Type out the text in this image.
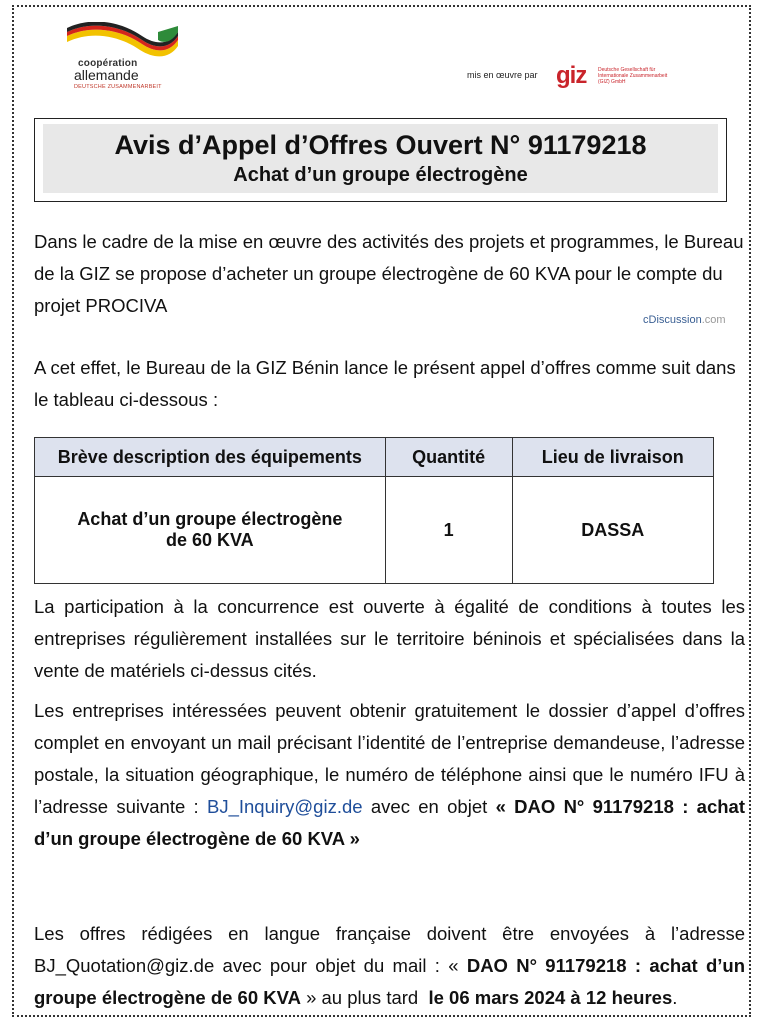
coopération
allemande
DEUTSCHE ZUSAMMENARBEIT
mis en œuvre par giz Deutsche Gesellschaft für Internationale Zusammenarbeit (GIZ) GmbH
Avis d’Appel d’Offres Ouvert N° 91179218
Achat d’un groupe électrogène
Dans le cadre de la mise en œuvre des activités des projets et programmes, le Bureau de la GIZ se propose d’acheter un groupe électrogène de 60 KVA pour le compte du projet PROCIVA
cDiscussion.com
A cet effet, le Bureau de la GIZ Bénin lance le présent appel d’offres comme suit dans le tableau ci-dessous :
Brève description des équipements	Quantité	Lieu de livraison
Achat d’un groupe électrogène
de 60 KVA	1	DASSA
La participation à la concurrence est ouverte à égalité de conditions à toutes les entreprises régulièrement installées sur le territoire béninois et spécialisées dans la vente de matériels ci-dessus cités.
Les entreprises intéressées peuvent obtenir gratuitement le dossier d’appel d’offres complet en envoyant un mail précisant l’identité de l’entreprise demandeuse, l’adresse postale, la situation géographique, le numéro de téléphone ainsi que le numéro IFU à l’adresse suivante : BJ_Inquiry@giz.de avec en objet « DAO N° 91179218 : achat d’un groupe électrogène de 60 KVA »
Les offres rédigées en langue française doivent être envoyées à l’adresse BJ_Quotation@giz.de avec pour objet du mail : « DAO N° 91179218 : achat d’un groupe électrogène de 60 KVA » au plus tard le 06 mars 2024 à 12 heures.
